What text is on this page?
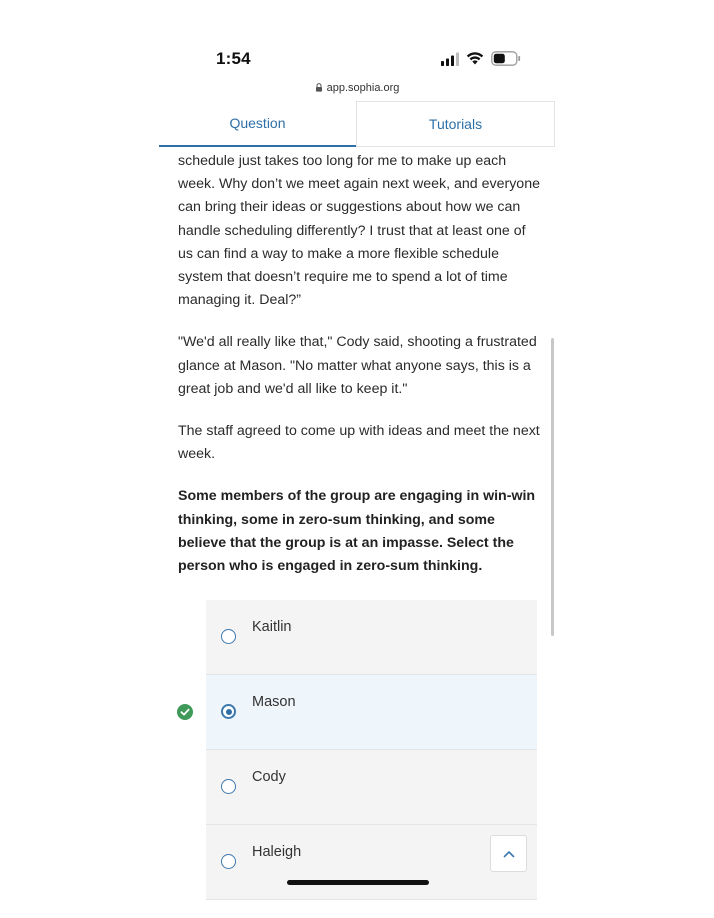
1:54
app.sophia.org
Question	Tutorials

schedule just takes too long for me to make up each week. Why don’t we meet again next week, and everyone can bring their ideas or suggestions about how we can handle scheduling differently? I trust that at least one of us can find a way to make a more flexible schedule system that doesn’t require me to spend a lot of time managing it. Deal?”

"We'd all really like that," Cody said, shooting a frustrated glance at Mason. "No matter what anyone says, this is a great job and we'd all like to keep it."

The staff agreed to come up with ideas and meet the next week.

Some members of the group are engaging in win-win thinking, some in zero-sum thinking, and some believe that the group is at an impasse. Select the person who is engaged in zero-sum thinking.

Kaitlin
Mason
Cody
Haleigh
